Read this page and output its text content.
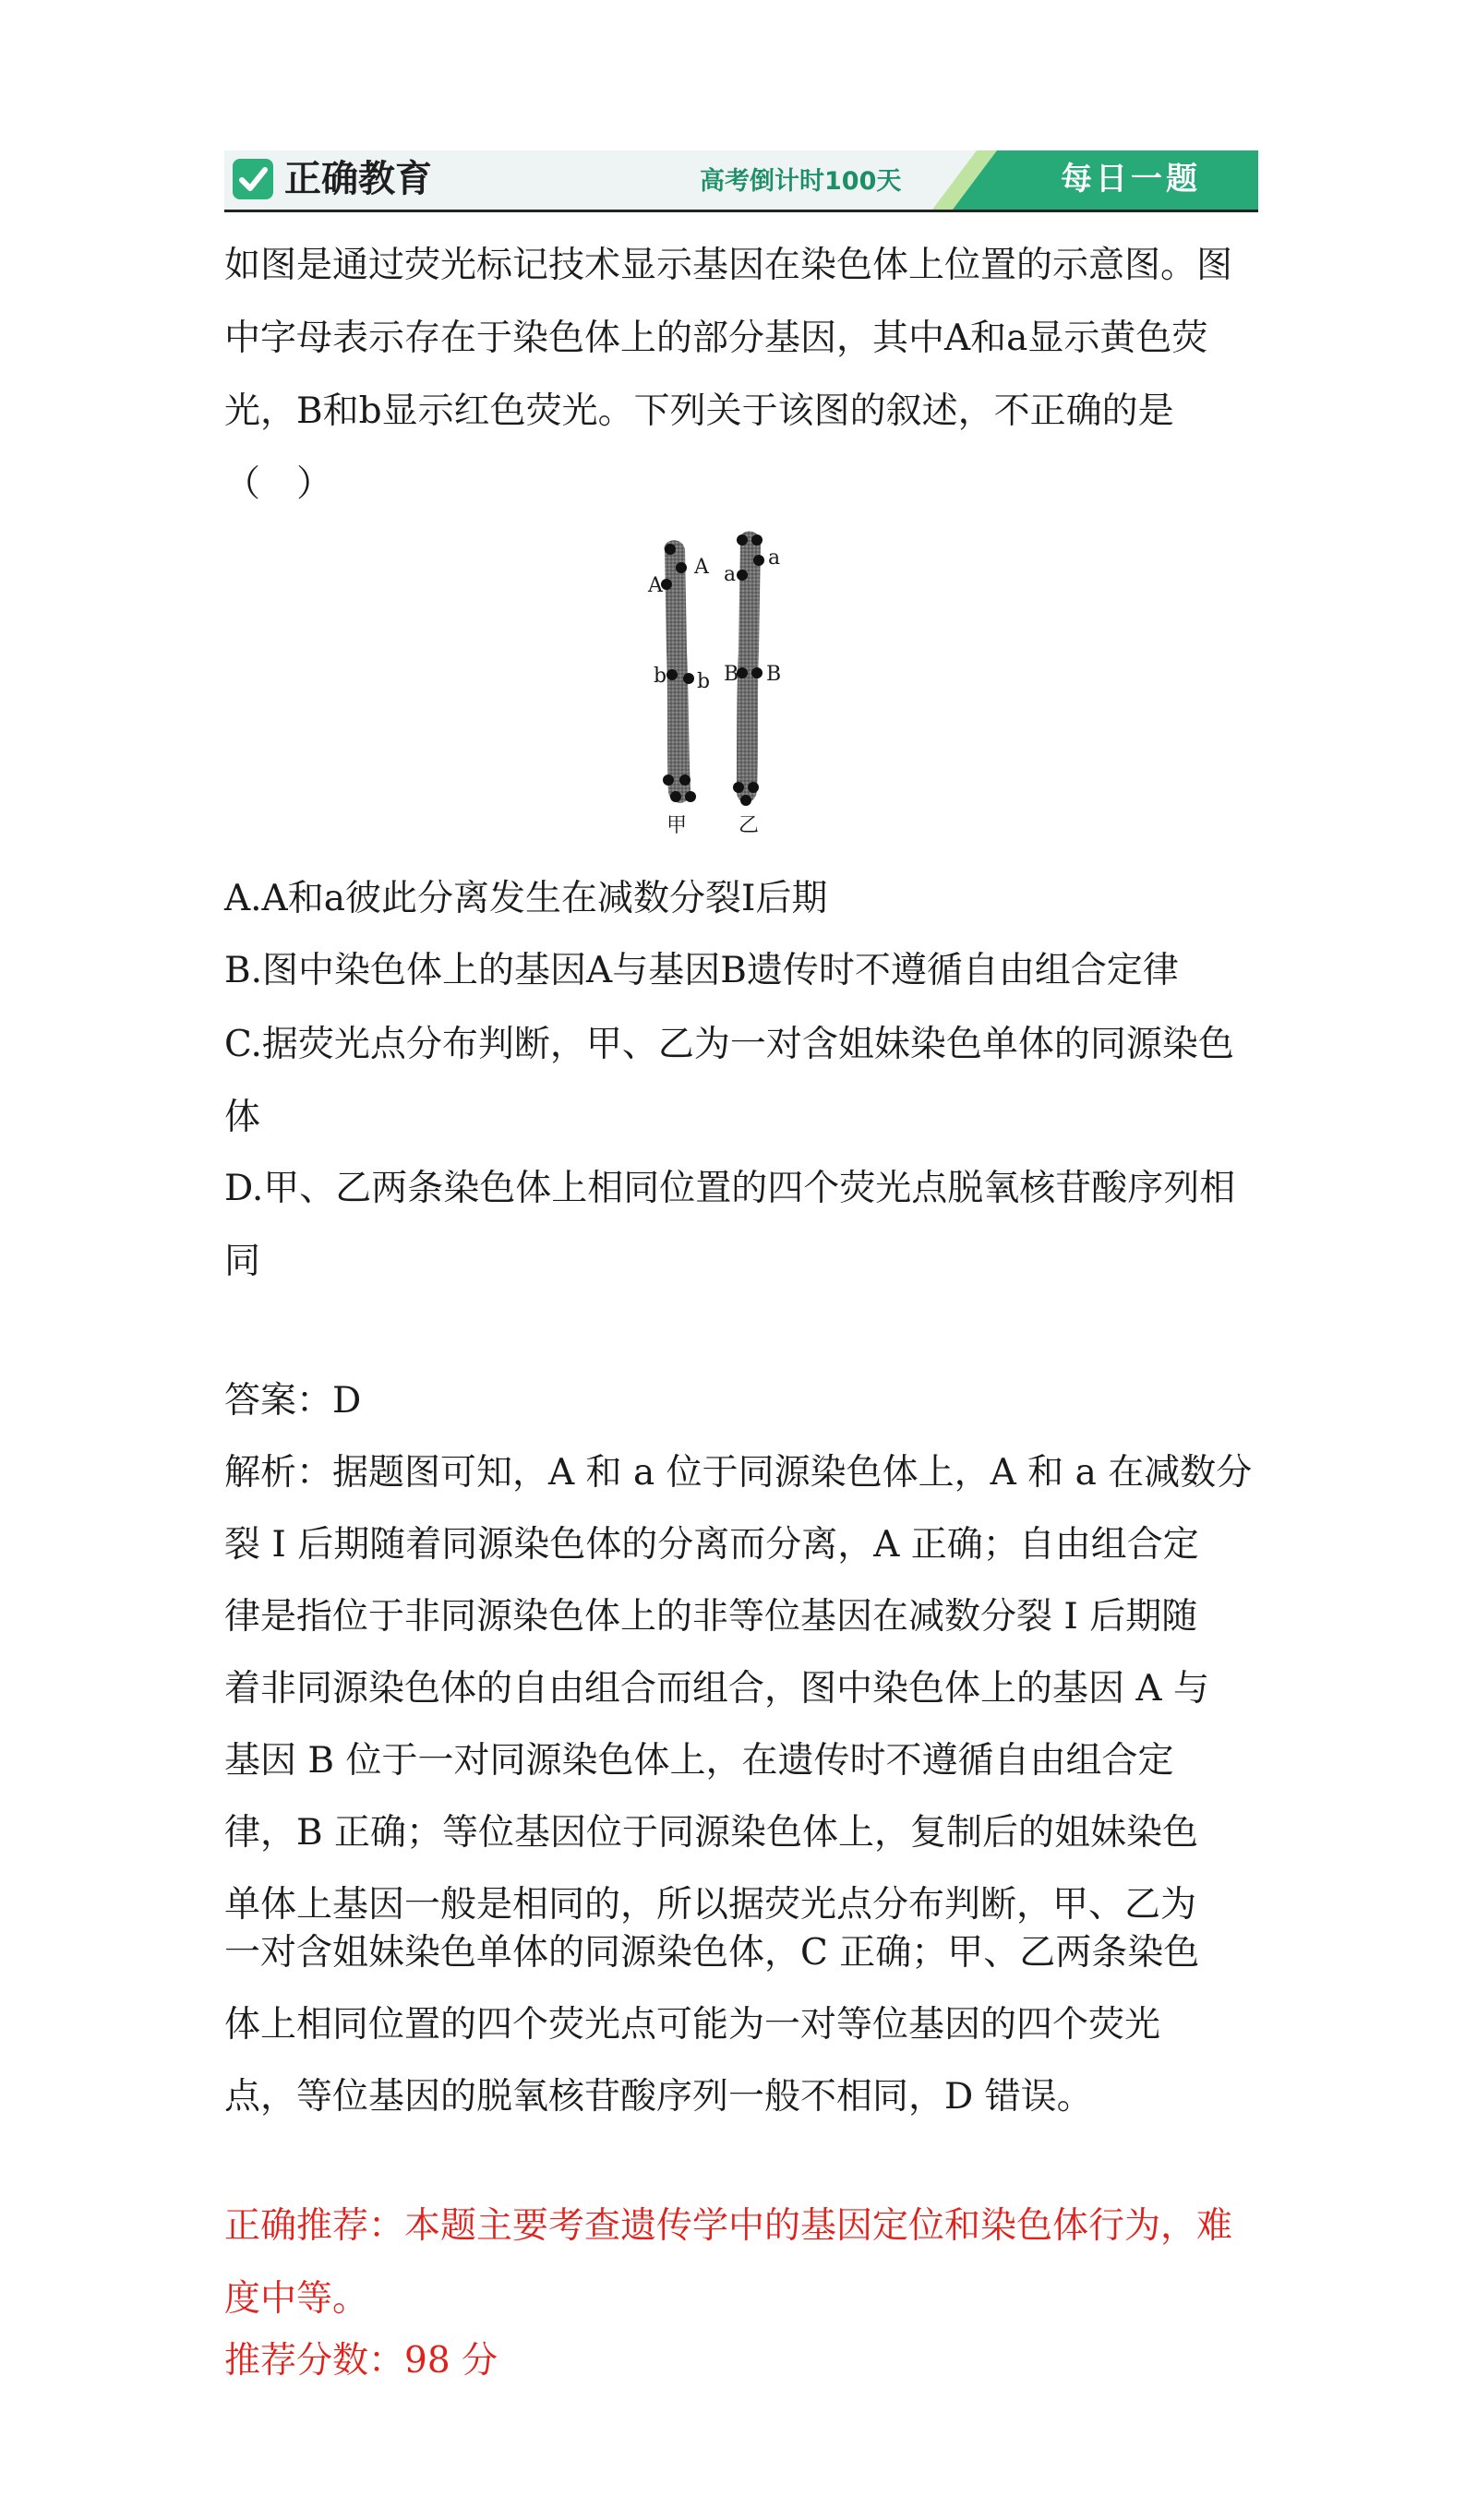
正确教育	高考倒计时100天	每日一题

如图是通过荧光标记技术显示基因在染色体上位置的示意图。图中字母表示存在于染色体上的部分基因，其中A和a显示黄色荧光，B和b显示红色荧光。下列关于该图的叙述，不正确的是（　）

A
A
b b
a
a
B B
甲	乙
A.A和a彼此分离发生在减数分裂I后期
B.图中染色体上的基因A与基因B遗传时不遵循自由组合定律

C.据荧光点分布判断，甲、乙为一对含姐妹染色单体的同源染色体

D.甲、乙两条染色体上相同位置的四个荧光点脱氧核苷酸序列相同

答案：D
解析：据题图可知，A 和 a 位于同源染色体上，A 和 a 在减数分
裂 I 后期随着同源染色体的分离而分离，A 正确；自由组合定
律是指位于非同源染色体上的非等位基因在减数分裂 I 后期随
着非同源染色体的自由组合而组合，图中染色体上的基因 A 与
基因 B 位于一对同源染色体上，在遗传时不遵循自由组合定
律，B 正确；等位基因位于同源染色体上，复制后的姐妹染色
单体上基因一般是相同的，所以据荧光点分布判断，甲、乙为
一对含姐妹染色单体的同源染色体，C 正确；甲、乙两条染色
体上相同位置的四个荧光点可能为一对等位基因的四个荧光
点，等位基因的脱氧核苷酸序列一般不相同，D 错误。

正确推荐：本题主要考查遗传学中的基因定位和染色体行为，难度中等。

推荐分数：98 分
